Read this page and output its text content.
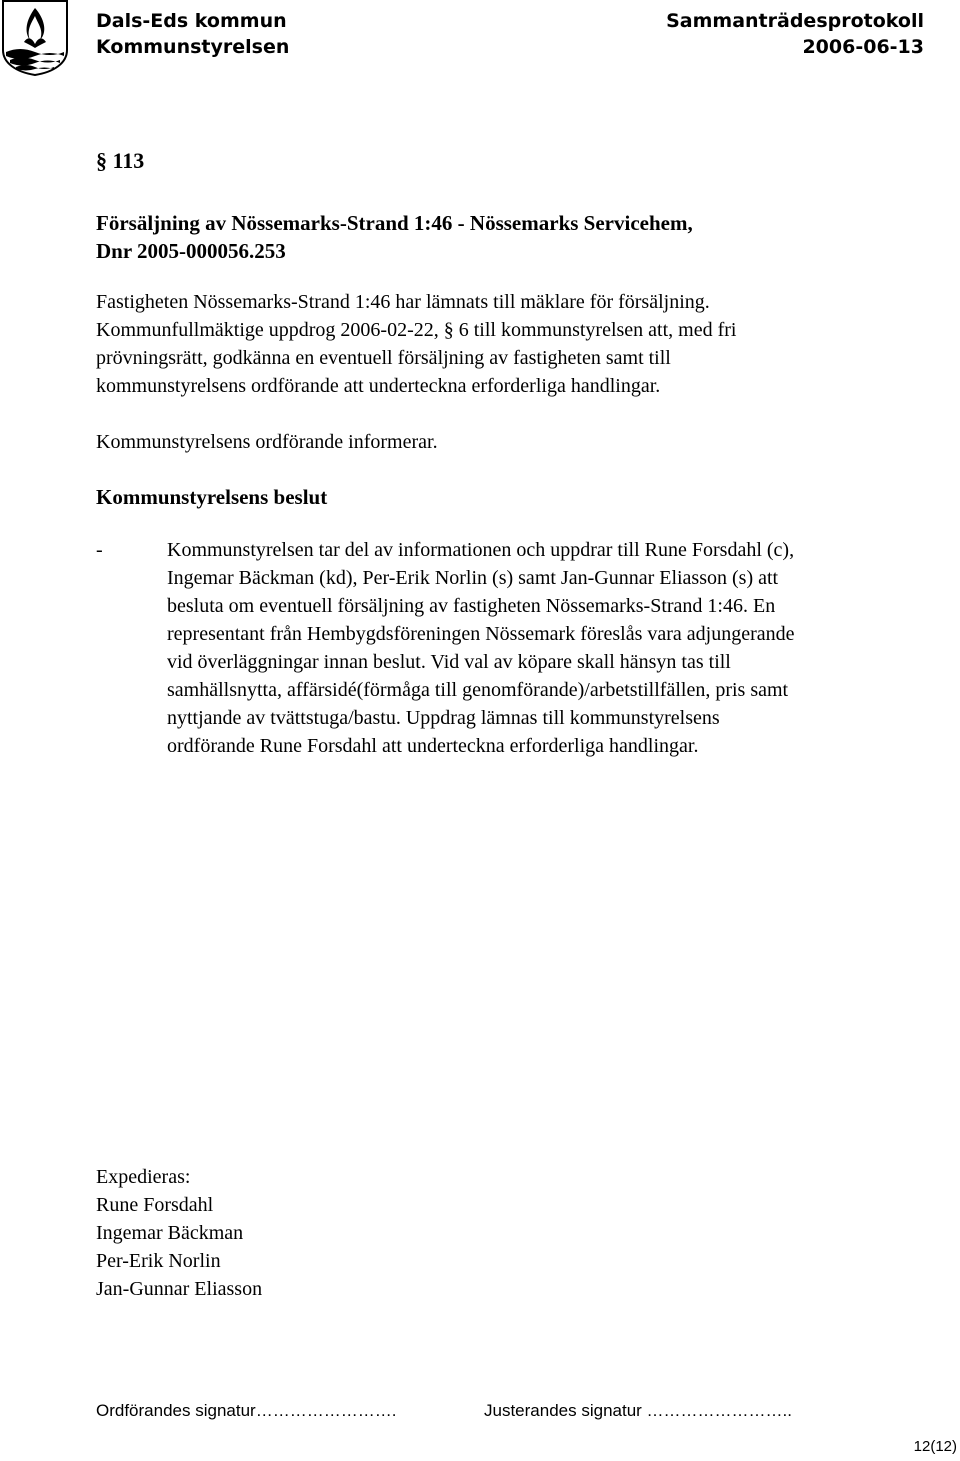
Dals-Eds kommun
Kommunstyrelsen
Sammanträdesprotokoll
2006-06-13
§ 113
Försäljning av Nössemarks-Strand 1:46 - Nössemarks Servicehem,
Dnr 2005-000056.253
Fastigheten Nössemarks-Strand 1:46 har lämnats till mäklare för försäljning.
Kommunfullmäktige uppdrog 2006-02-22, § 6 till kommunstyrelsen att, med fri
prövningsrätt, godkänna en eventuell försäljning av fastigheten samt till
kommunstyrelsens ordförande att underteckna erforderliga handlingar.
Kommunstyrelsens ordförande informerar.
Kommunstyrelsens beslut
-	Kommunstyrelsen tar del av informationen och uppdrar till Rune Forsdahl (c),
Ingemar Bäckman (kd), Per-Erik Norlin (s) samt Jan-Gunnar Eliasson (s) att
besluta om eventuell försäljning av fastigheten Nössemarks-Strand 1:46. En
representant från Hembygdsföreningen Nössemark föreslås vara adjungerande
vid överläggningar innan beslut. Vid val av köpare skall hänsyn tas till
samhällsnytta, affärsidé(förmåga till genomförande)/arbetstillfällen, pris samt
nyttjande av tvättstuga/bastu. Uppdrag lämnas till kommunstyrelsens
ordförande Rune Forsdahl att underteckna erforderliga handlingar.
Expedieras:
Rune Forsdahl
Ingemar Bäckman
Per-Erik Norlin
Jan-Gunnar Eliasson
Ordförandes signatur…………………….	Justerandes signatur ……………………..
12(12)
